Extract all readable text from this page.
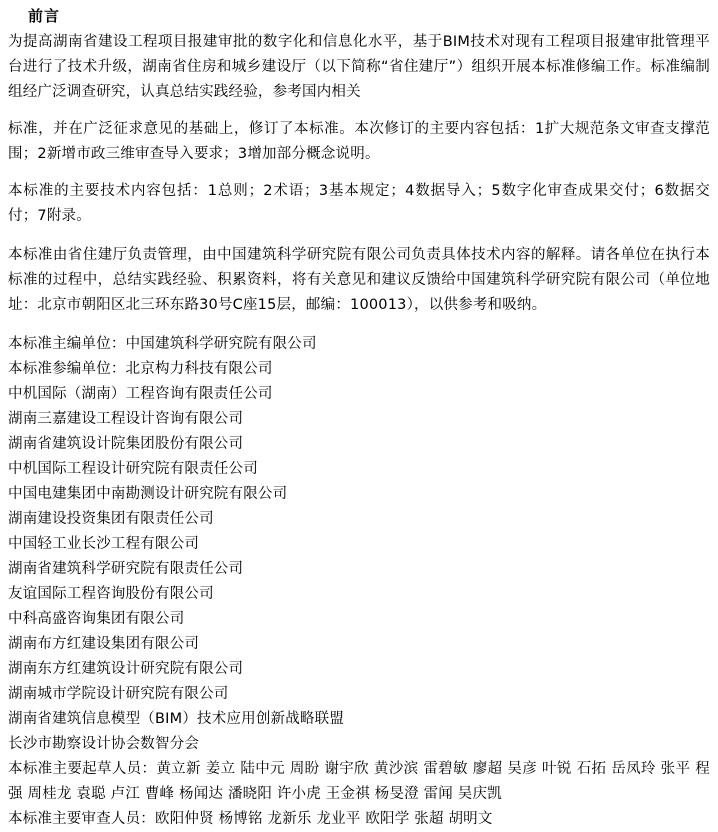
前言
为提高湖南省建设工程项目报建审批的数字化和信息化水平，基于BIM技术对现有工程项目报建审批管理平台进行了技术升级，湖南省住房和城乡建设厅（以下简称“省住建厅”）组织开展本标准修编工作。标准编制组经广泛调查研究，认真总结实践经验，参考国内相关
标准，并在广泛征求意见的基础上，修订了本标准。本次修订的主要内容包括：1扩大规范条文审查支撑范围；2新增市政三维审查导入要求；3增加部分概念说明。
本标准的主要技术内容包括：1总则；2术语；3基本规定；4数据导入；5数字化审查成果交付；6数据交付；7附录。
本标准由省住建厅负责管理，由中国建筑科学研究院有限公司负责具体技术内容的解释。请各单位在执行本标准的过程中，总结实践经验、积累资料，将有关意见和建议反馈给中国建筑科学研究院有限公司（单位地址：北京市朝阳区北三环东路30号C座15层，邮编：100013），以供参考和吸纳。
本标准主编单位：中国建筑科学研究院有限公司
本标准参编单位：北京构力科技有限公司
中机国际（湖南）工程咨询有限责任公司
湖南三嘉建设工程设计咨询有限公司
湖南省建筑设计院集团股份有限公司
中机国际工程设计研究院有限责任公司
中国电建集团中南勘测设计研究院有限公司
湖南建设投资集团有限责任公司
中国轻工业长沙工程有限公司
湖南省建筑科学研究院有限责任公司
友谊国际工程咨询股份有限公司
中科高盛咨询集团有限公司
湖南布方红建设集团有限公司
湖南东方红建筑设计研究院有限公司
湖南城市学院设计研究院有限公司
湖南省建筑信息模型（BIM）技术应用创新战略联盟
长沙市勘察设计协会数智分会
本标准主要起草人员：黄立新 姜立 陆中元 周盼 谢宇欣 黄沙滨 雷碧敏 廖超 吴彦 叶锐 石拓 岳凤玲 张平 程强 周桂龙 袁聪 卢江 曹峰 杨闻达 潘晓阳 许小虎 王金祺 杨旻澄 雷闻 吴庆凯
本标准主要审查人员：欧阳仲贤 杨博铭 龙新乐 龙业平 欧阳学 张超 胡明文
